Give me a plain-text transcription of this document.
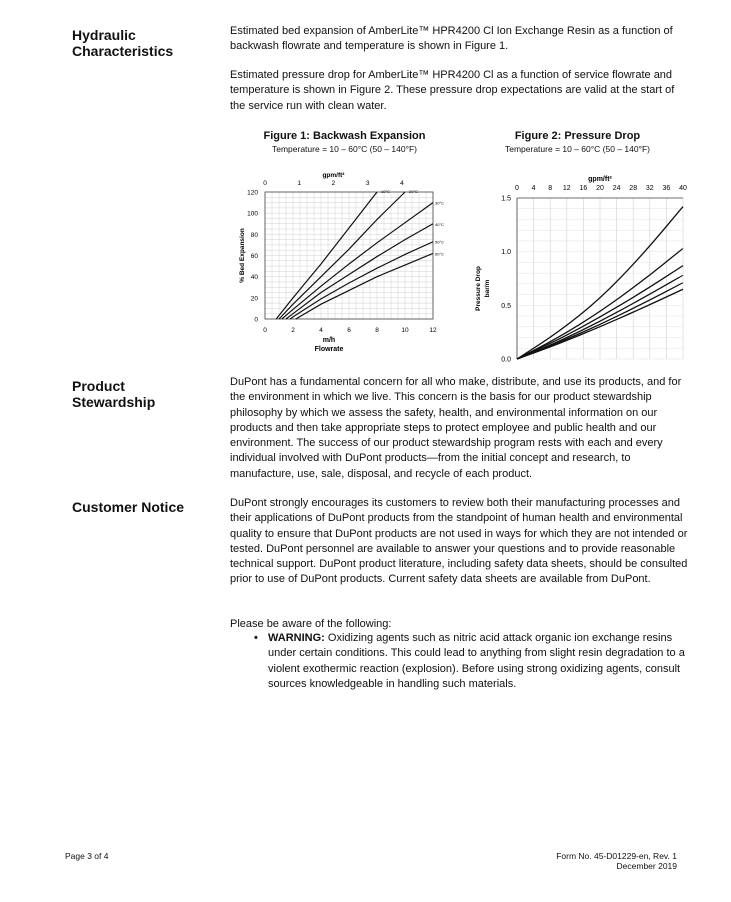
Hydraulic
Characteristics
Estimated bed expansion of AmberLite™ HPR4200 Cl Ion Exchange Resin as a function of backwash flowrate and temperature is shown in Figure 1.
Estimated pressure drop for AmberLite™ HPR4200 Cl as a function of service flowrate and temperature is shown in Figure 2. These pressure drop expectations are valid at the start of the service run with clean water.
Figure 1: Backwash Expansion
Temperature = 10 – 60°C (50 – 140°F)
0	2	4	6	8	10	12
0
20
40
60
80
100
120
0	1	2	3	4
gpm/ft²
m/h
Flowrate
% Bed Expansion
10°C	20°C
30°C
40°C
50°C
60°C
Figure 2: Pressure Drop
Temperature = 10 – 60°C (50 – 140°F)
0 4 8 12 16 20 24 28 32 36 40
gpm/ft²
0.0
0.5
1.0
1.5
Pressure Drop bar/m
Product
Stewardship
DuPont has a fundamental concern for all who make, distribute, and use its products, and for the environment in which we live. This concern is the basis for our product stewardship philosophy by which we assess the safety, health, and environmental information on our products and then take appropriate steps to protect employee and public health and our environment. The success of our product stewardship program rests with each and every individual involved with DuPont products—from the initial concept and research, to manufacture, use, sale, disposal, and recycle of each product.
Customer Notice	DuPont strongly encourages its customers to review both their manufacturing processes and their applications of DuPont products from the standpoint of human health and environmental quality to ensure that DuPont products are not used in ways for which they are not intended or tested. DuPont personnel are available to answer your questions and to provide reasonable technical support. DuPont product literature, including safety data sheets, should be consulted prior to use of DuPont products. Current safety data sheets are available from DuPont.
Please be aware of the following:
• WARNING: Oxidizing agents such as nitric acid attack organic ion exchange resins under certain conditions. This could lead to anything from slight resin degradation to a violent exothermic reaction (explosion). Before using strong oxidizing agents, consult sources knowledgeable in handling such materials.
Page 3 of 4	Form No. 45-D01229-en, Rev. 1
December 2019
